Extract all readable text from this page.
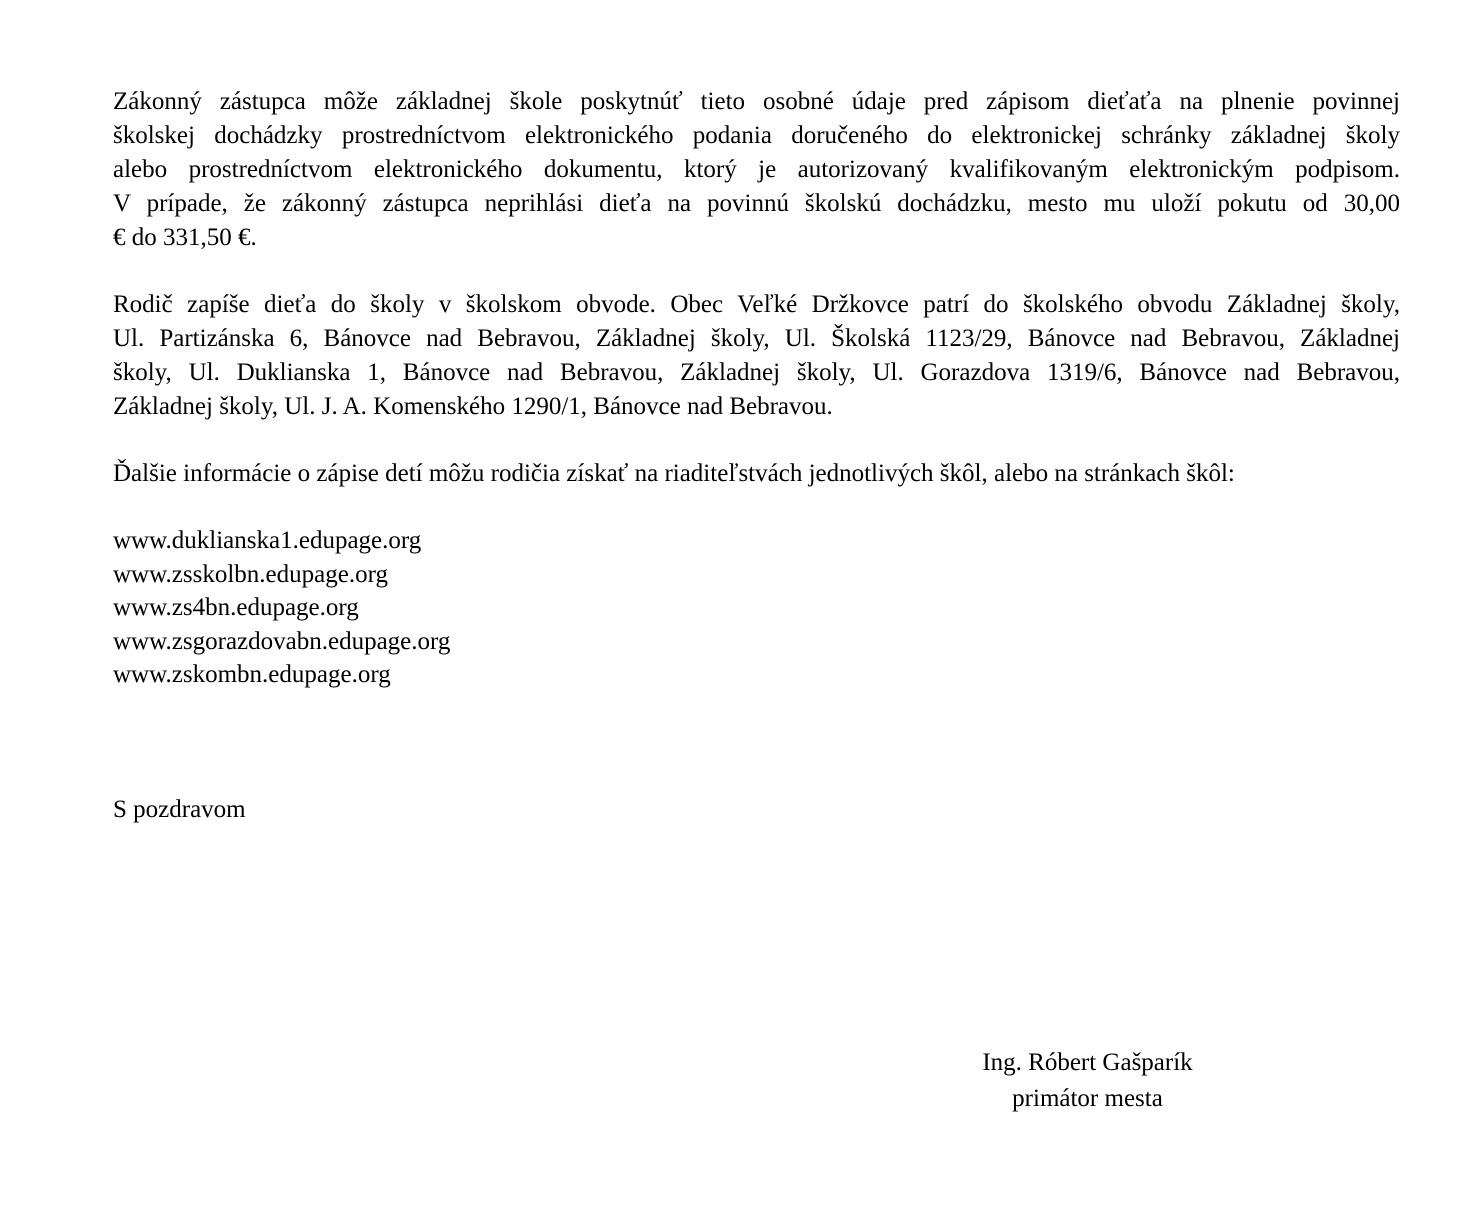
Zákonný zástupca môže základnej škole poskytnúť tieto osobné údaje pred zápisom dieťaťa na plnenie povinnej
školskej dochádzky prostredníctvom elektronického podania doručeného do elektronickej schránky základnej školy
alebo prostredníctvom elektronického dokumentu, ktorý je autorizovaný kvalifikovaným elektronickým podpisom.
V prípade, že zákonný zástupca neprihlási dieťa na povinnú školskú dochádzku, mesto mu uloží pokutu od 30,00
€ do 331,50 €.
Rodič zapíše dieťa do školy v školskom obvode. Obec Veľké Držkovce patrí do školského obvodu Základnej školy,
Ul. Partizánska 6, Bánovce nad Bebravou, Základnej školy, Ul. Školská 1123/29, Bánovce nad Bebravou, Základnej
školy, Ul. Duklianska 1, Bánovce nad Bebravou, Základnej školy, Ul. Gorazdova 1319/6, Bánovce nad Bebravou,
Základnej školy, Ul. J. A. Komenského 1290/1, Bánovce nad Bebravou.

Ďalšie informácie o zápise detí môžu rodičia získať na riaditeľstvách jednotlivých škôl, alebo na stránkach škôl:

www.duklianska1.edupage.org
www.zsskolbn.edupage.org
www.zs4bn.edupage.org
www.zsgorazdovabn.edupage.org
www.zskombn.edupage.org

S pozdravom

Ing. Róbert Gašparík
primátor mesta
